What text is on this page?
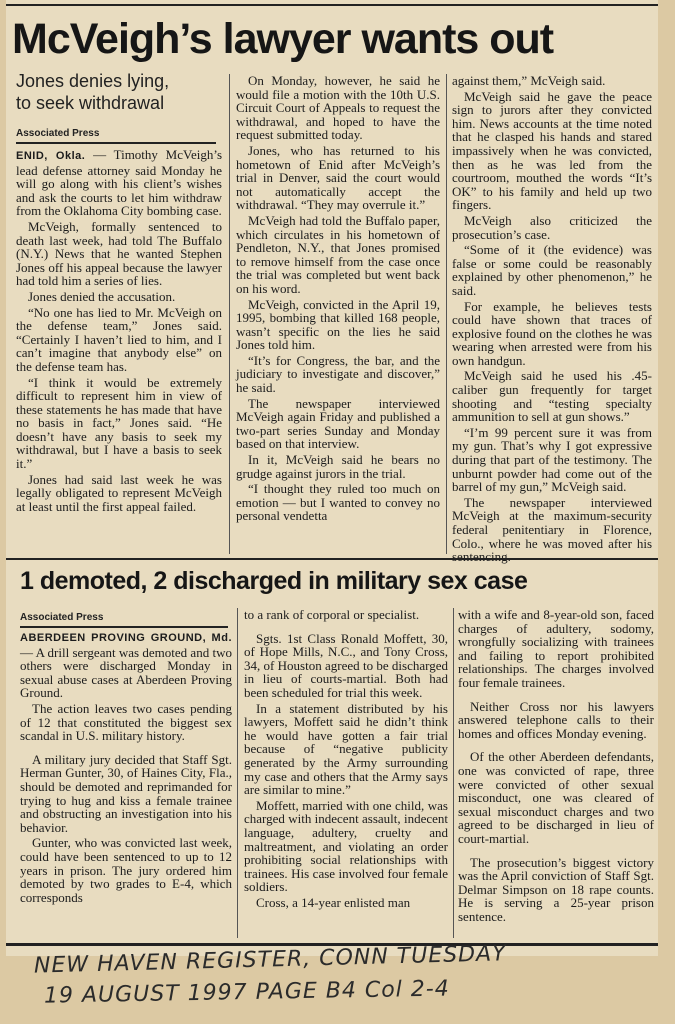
McVeigh’s lawyer wants out
Jones denies lying,
to seek withdrawal
Associated Press

ENID, Okla. — Timothy McVeigh’s lead defense attorney said Monday he will go along with his client’s wishes and ask the courts to let him withdraw from the Oklahoma City bombing case.

McVeigh, formally sentenced to death last week, had told The Buffalo (N.Y.) News that he wanted Stephen Jones off his appeal because the lawyer had told him a series of lies.

Jones denied the accusation.

“No one has lied to Mr. McVeigh on the defense team,” Jones said. “Certainly I haven’t lied to him, and I can’t imagine that anybody else” on the defense team has.

“I think it would be extremely difficult to represent him in view of these statements he has made that have no basis in fact,” Jones said. “He doesn’t have any basis to seek my withdrawal, but I have a basis to seek it.”

Jones had said last week he was legally obligated to represent McVeigh at least until the first appeal failed.

On Monday, however, he said he would file a motion with the 10th U.S. Circuit Court of Appeals to request the withdrawal, and hoped to have the request submitted today.

Jones, who has returned to his hometown of Enid after McVeigh’s trial in Denver, said the court would not automatically accept the withdrawal. “They may overrule it.”

McVeigh had told the Buffalo paper, which circulates in his hometown of Pendleton, N.Y., that Jones promised to remove himself from the case once the trial was completed but went back on his word.

McVeigh, convicted in the April 19, 1995, bombing that killed 168 people, wasn’t specific on the lies he said Jones told him.

“It’s for Congress, the bar, and the judiciary to investigate and discover,” he said.

The newspaper interviewed McVeigh again Friday and published a two-part series Sunday and Monday based on that interview.

In it, McVeigh said he bears no grudge against jurors in the trial.

“I thought they ruled too much on emotion — but I wanted to convey no personal vendetta

against them,” McVeigh said.

McVeigh said he gave the peace sign to jurors after they convicted him. News accounts at the time noted that he clasped his hands and stared impassively when he was convicted, then as he was led from the courtroom, mouthed the words “It’s OK” to his family and held up two fingers.

McVeigh also criticized the prosecution’s case.

“Some of it (the evidence) was false or some could be reasonably explained by other phenomenon,” he said.

For example, he believes tests could have shown that traces of explosive found on the clothes he was wearing when arrested were from his own handgun.

McVeigh said he used his .45-caliber gun frequently for target shooting and “testing specialty ammunition to sell at gun shows.”

“I’m 99 percent sure it was from my gun. That’s why I got expressive during that part of the testimony. The unburnt powder had come out of the barrel of my gun,” McVeigh said.

The newspaper interviewed McVeigh at the maximum-security federal penitentiary in Florence, Colo., where he was moved after his sentencing.

1 demoted, 2 discharged in military sex case
Associated Press

ABERDEEN PROVING GROUND, Md. — A drill sergeant was demoted and two others were discharged Monday in sexual abuse cases at Aberdeen Proving Ground.

The action leaves two cases pending of 12 that constituted the biggest sex scandal in U.S. military history.

A military jury decided that Staff Sgt. Herman Gunter, 30, of Haines City, Fla., should be demoted and reprimanded for trying to hug and kiss a female trainee and obstructing an investigation into his behavior.

Gunter, who was convicted last week, could have been sentenced to up to 12 years in prison. The jury ordered him demoted by two grades to E-4, which corresponds

to a rank of corporal or specialist.

Sgts. 1st Class Ronald Moffett, 30, of Hope Mills, N.C., and Tony Cross, 34, of Houston agreed to be discharged in lieu of courts-martial. Both had been scheduled for trial this week.

In a statement distributed by his lawyers, Moffett said he didn’t think he would have gotten a fair trial because of “negative publicity generated by the Army surrounding my case and others that the Army says are similar to mine.”

Moffett, married with one child, was charged with indecent assault, indecent language, adultery, cruelty and maltreatment, and violating an order prohibiting social relationships with trainees. His case involved four female soldiers.

Cross, a 14-year enlisted man

with a wife and 8-year-old son, faced charges of adultery, sodomy, wrongfully socializing with trainees and failing to report prohibited relationships. The charges involved four female trainees.

Neither Cross nor his lawyers answered telephone calls to their homes and offices Monday evening.

Of the other Aberdeen defendants, one was convicted of rape, three were convicted of other sexual misconduct, one was cleared of sexual misconduct charges and two agreed to be discharged in lieu of court-martial.

The prosecution’s biggest victory was the April conviction of Staff Sgt. Delmar Simpson on 18 rape counts. He is serving a 25-year prison sentence.

NEW HAVEN REGISTER, CONN TUESDAY
19 AUGUST 1997 PAGE B4 Col 2-4
